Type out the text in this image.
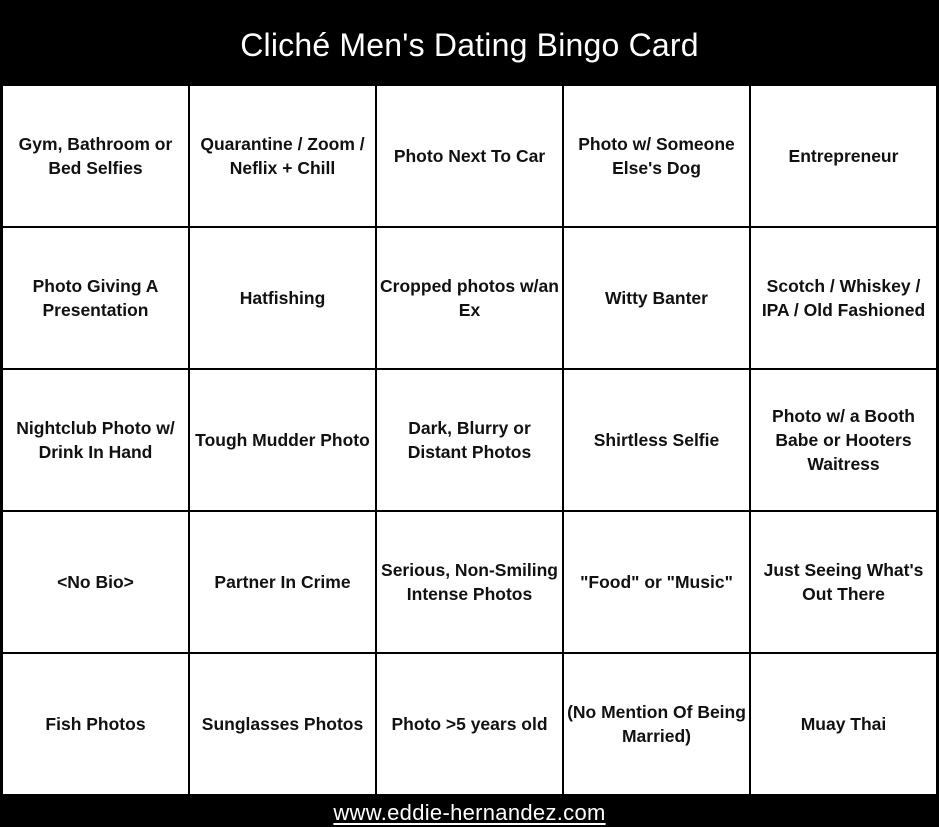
Cliché Men's Dating Bingo Card
Gym, Bathroom or Bed Selfies
Quarantine / Zoom / Neflix + Chill
Photo Next To Car
Photo w/ Someone Else's Dog
Entrepreneur
Photo Giving A Presentation
Hatfishing
Cropped photos w/an Ex
Witty Banter
Scotch / Whiskey / IPA / Old Fashioned
Nightclub Photo w/ Drink In Hand
Tough Mudder Photo
Dark, Blurry or Distant Photos
Shirtless Selfie
Photo w/ a Booth Babe or Hooters Waitress
<No Bio>	Partner In Crime
Serious, Non-Smiling Intense Photos
"Food" or "Music"
Just Seeing What's Out There
Fish Photos	Sunglasses Photos Photo >5 years old
(No Mention Of Being Married)
Muay Thai
www.eddie-hernandez.com
